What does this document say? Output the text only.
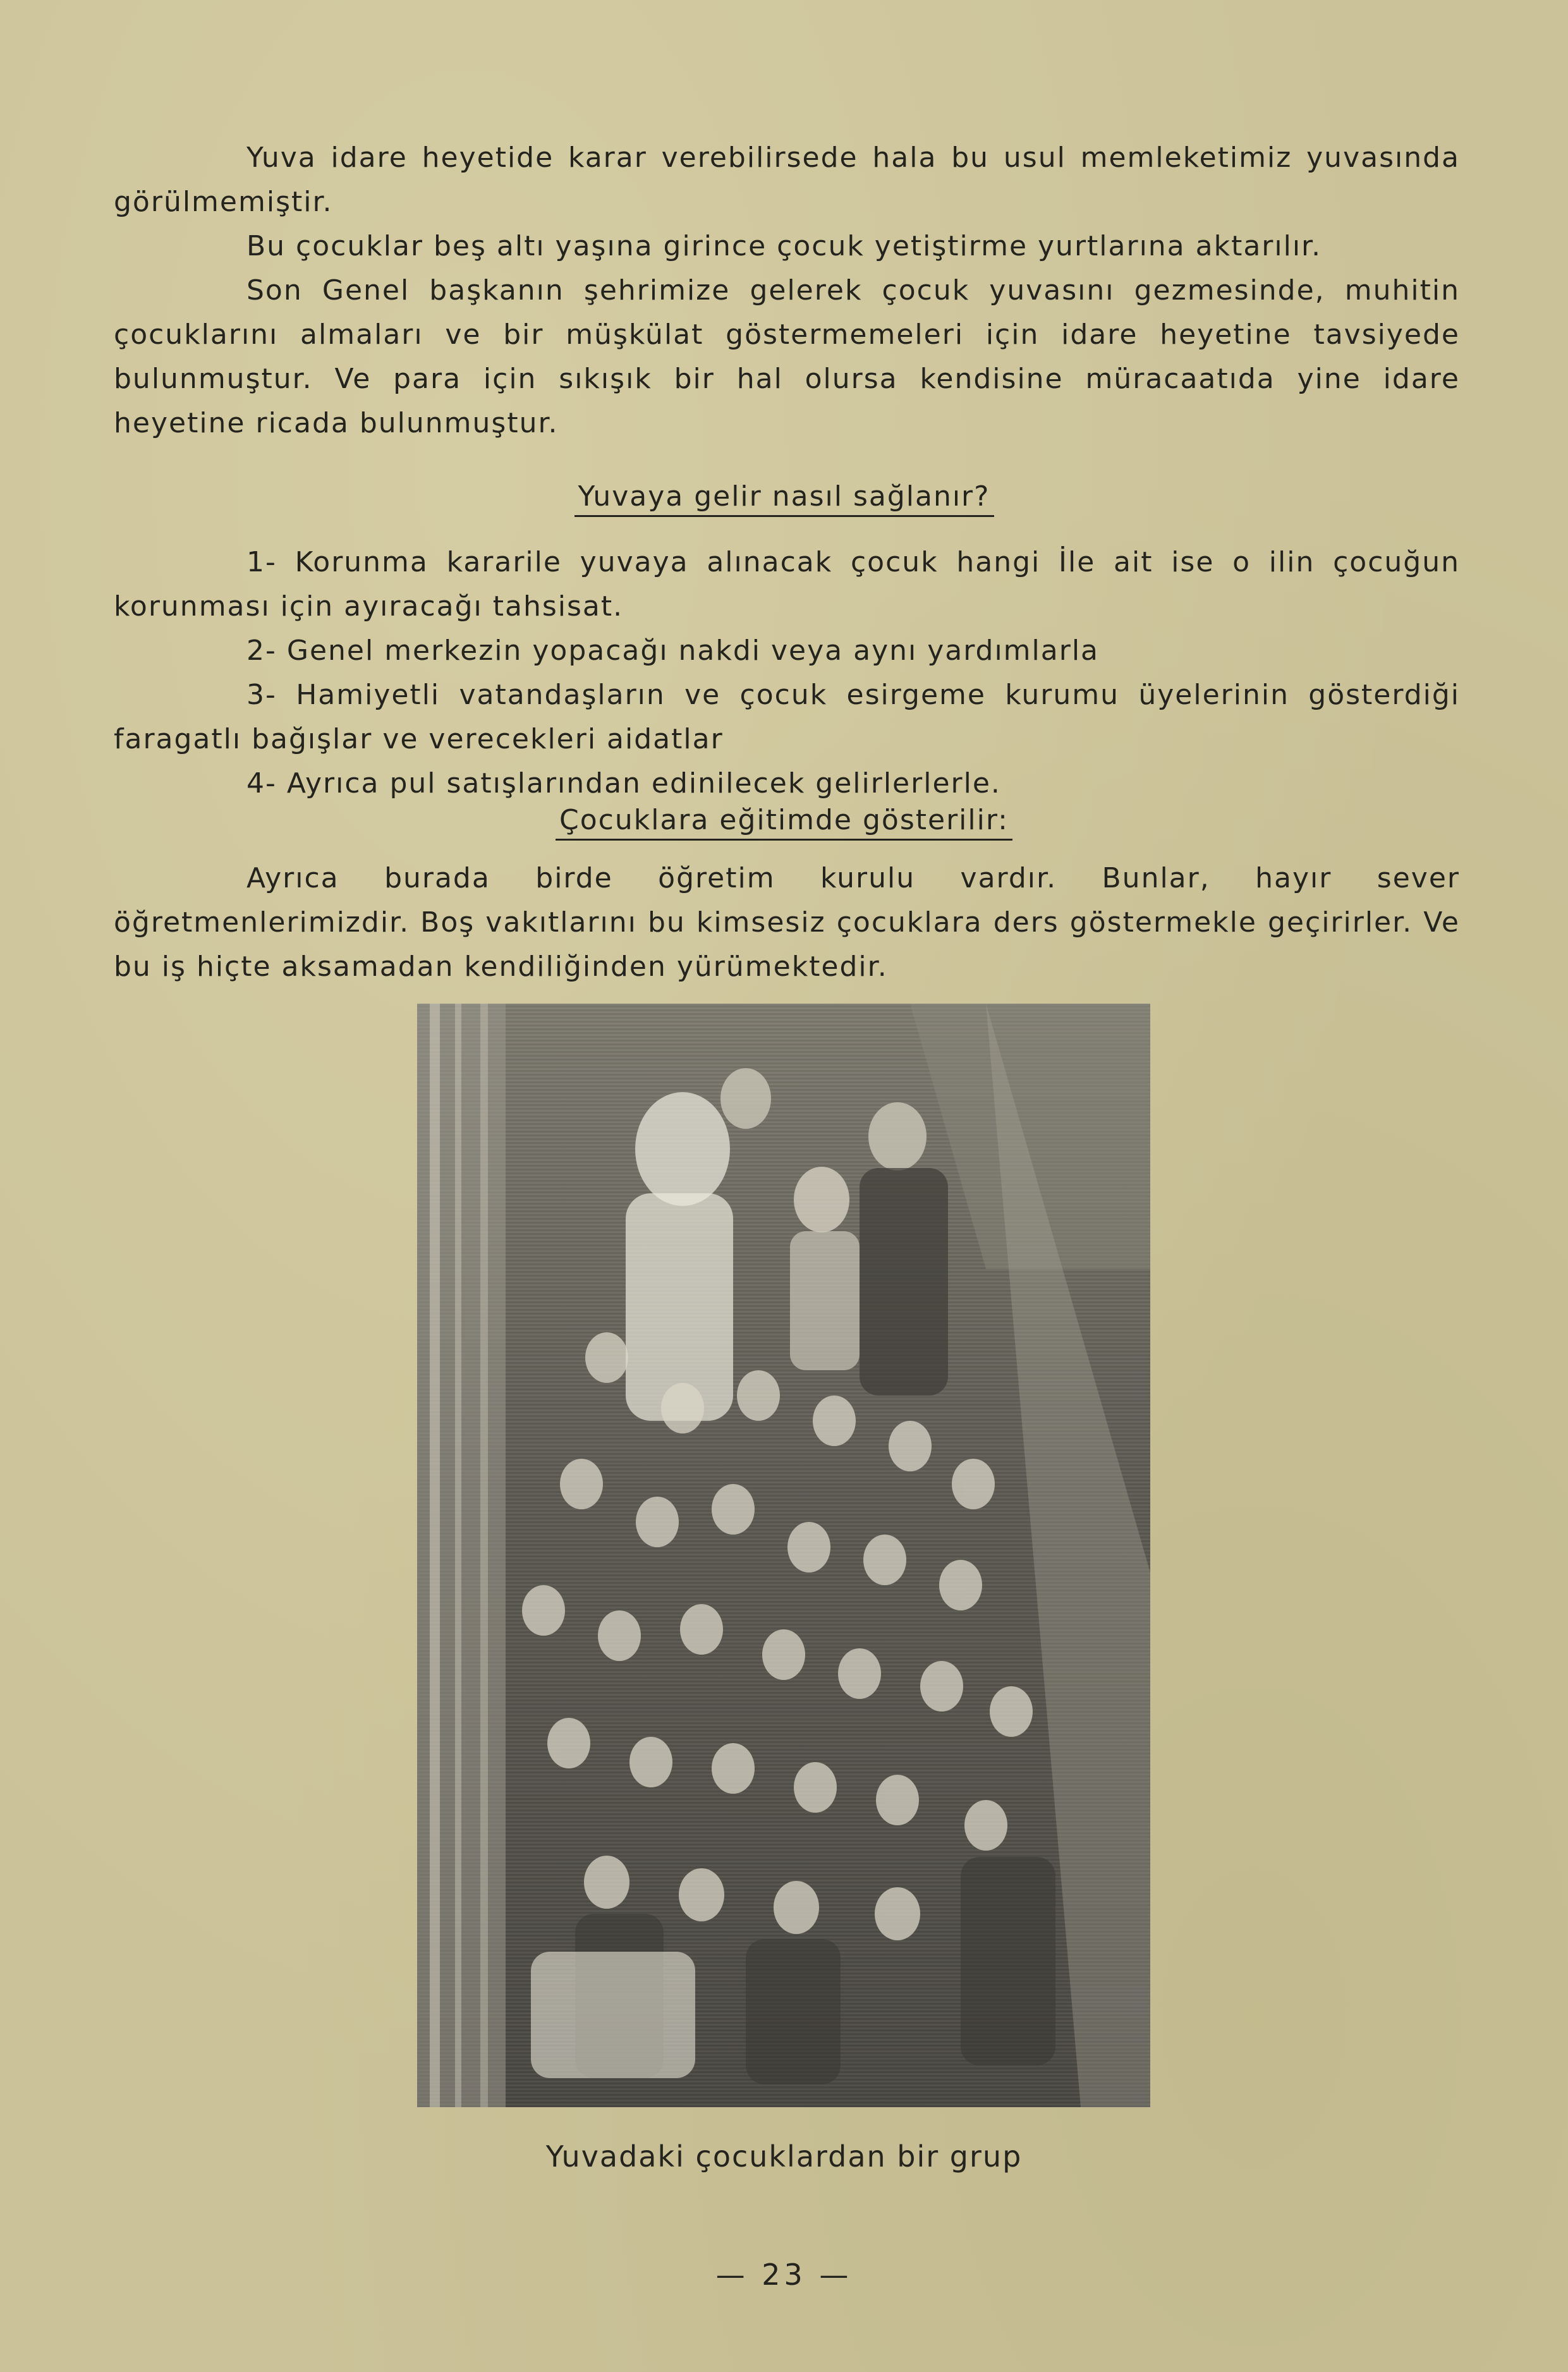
Yuva idare heyetide karar verebilirsede hala bu usul memleketimiz yuvasında görülmemiştir.

Bu çocuklar beş altı yaşına girince çocuk yetiştirme yurtlarına aktarılır.

Son Genel başkanın şehrimize gelerek çocuk yuvasını gezmesinde, muhitin çocuklarını almaları ve bir müşkülat göstermemeleri için idare heyetine tavsiyede bulunmuştur. Ve para için sıkışık bir hal olursa kendisine müracaatıda yine idare heyetine ricada bulunmuştur.

Yuvaya gelir nasıl sağlanır?

1- Korunma kararile yuvaya alınacak çocuk hangi İle ait ise o ilin çocuğun korunması için ayıracağı tahsisat.

2- Genel merkezin yopacağı nakdi veya aynı yardımlarla

3- Hamiyetli vatandaşların ve çocuk esirgeme kurumu üyelerinin gösterdiği faragatlı bağışlar ve verecekleri aidatlar

4- Ayrıca pul satışlarından edinilecek gelirlerlerle.

Çocuklara eğitimde gösterilir:

Ayrıca burada birde öğretim kurulu vardır. Bunlar, hayır sever öğretmenlerimizdir. Boş vakıtlarını bu kimsesiz çocuklara ders göstermekle geçirirler. Ve bu iş hiçte aksamadan kendiliğinden yürümektedir.

Yuvadaki çocuklardan bir grup
— 23 —
